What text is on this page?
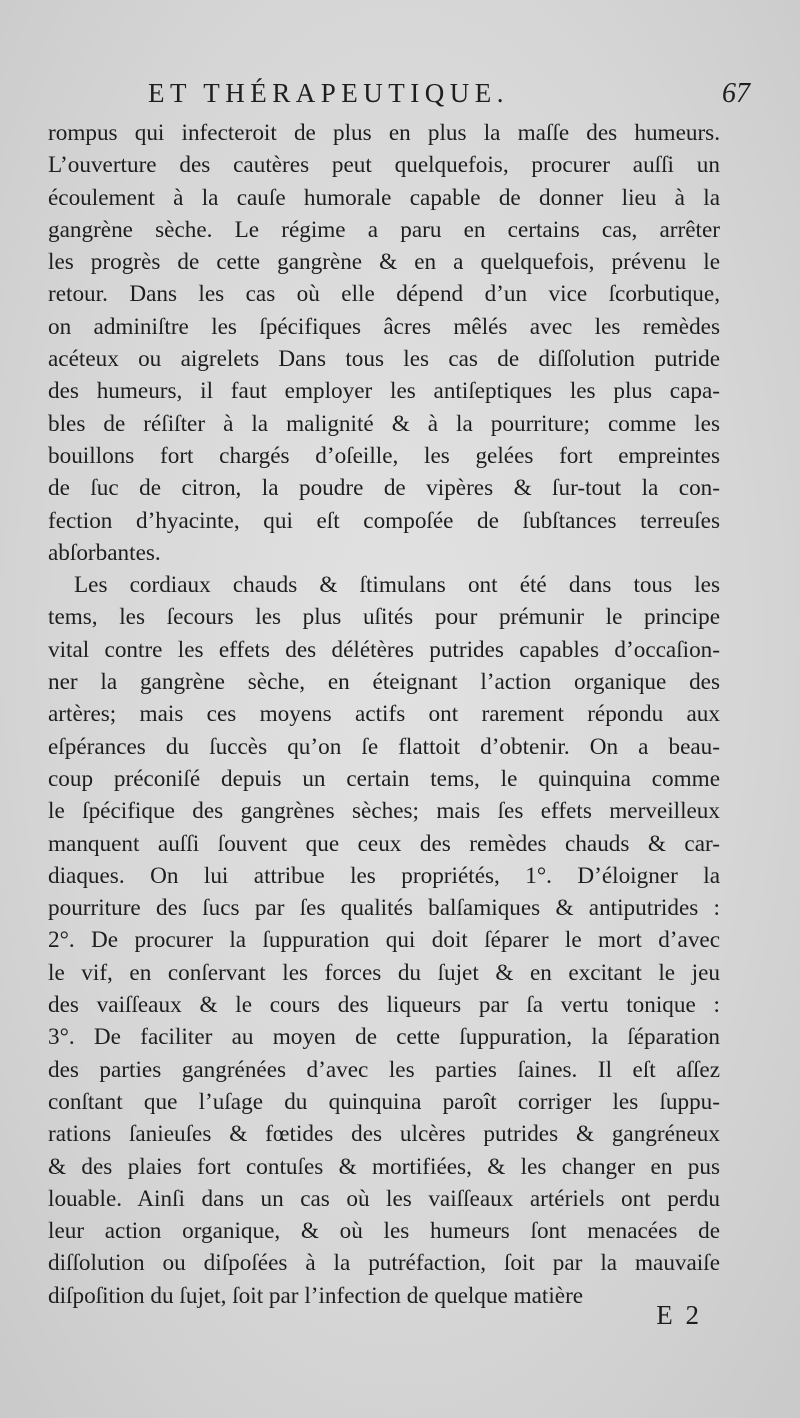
ET THÉRAPEUTIQUE.	67
rompus qui infecteroit de plus en plus la maſſe des humeurs.
L’ouverture des cautères peut quelquefois, procurer auſſi un
écoulement à la cauſe humorale capable de donner lieu à la
gangrène sèche. Le régime a paru en certains cas, arrêter
les progrès de cette gangrène & en a quelquefois, prévenu le
retour. Dans les cas où elle dépend d’un vice ſcorbutique,
on adminiſtre les ſpécifiques âcres mêlés avec les remèdes
acéteux ou aigrelets Dans tous les cas de diſſolution putride
des humeurs, il faut employer les antiſeptiques les plus capa-
bles de réſiſter à la malignité & à la pourriture; comme les
bouillons fort chargés d’oſeille, les gelées fort empreintes
de ſuc de citron, la poudre de vipères & ſur-tout la con-
fection d’hyacinte, qui eſt compoſée de ſubſtances terreuſes
abſorbantes.
Les cordiaux chauds & ſtimulans ont été dans tous les
tems, les ſecours les plus uſités pour prémunir le principe
vital contre les effets des délétères putrides capables d’occaſion-
ner la gangrène sèche, en éteignant l’action organique des
artères; mais ces moyens actifs ont rarement répondu aux
eſpérances du ſuccès qu’on ſe flattoit d’obtenir. On a beau-
coup préconiſé depuis un certain tems, le quinquina comme
le ſpécifique des gangrènes sèches; mais ſes effets merveilleux
manquent auſſi ſouvent que ceux des remèdes chauds & car-
diaques. On lui attribue les propriétés, 1°. D’éloigner la
pourriture des ſucs par ſes qualités balſamiques & antiputrides :
2°. De procurer la ſuppuration qui doit ſéparer le mort d’avec
le vif, en conſervant les forces du ſujet & en excitant le jeu
des vaiſſeaux & le cours des liqueurs par ſa vertu tonique :
3°. De faciliter au moyen de cette ſuppuration, la ſéparation
des parties gangrénées d’avec les parties ſaines. Il eſt aſſez
conſtant que l’uſage du quinquina paroît corriger les ſuppu-
rations ſanieuſes & fœtides des ulcères putrides & gangréneux
& des plaies fort contuſes & mortifiées, & les changer en pus
louable. Ainſi dans un cas où les vaiſſeaux artériels ont perdu
leur action organique, & où les humeurs ſont menacées de
diſſolution ou diſpoſées à la putréfaction, ſoit par la mauvaiſe
diſpoſition du ſujet, ſoit par l’infection de quelque matière
E 2
